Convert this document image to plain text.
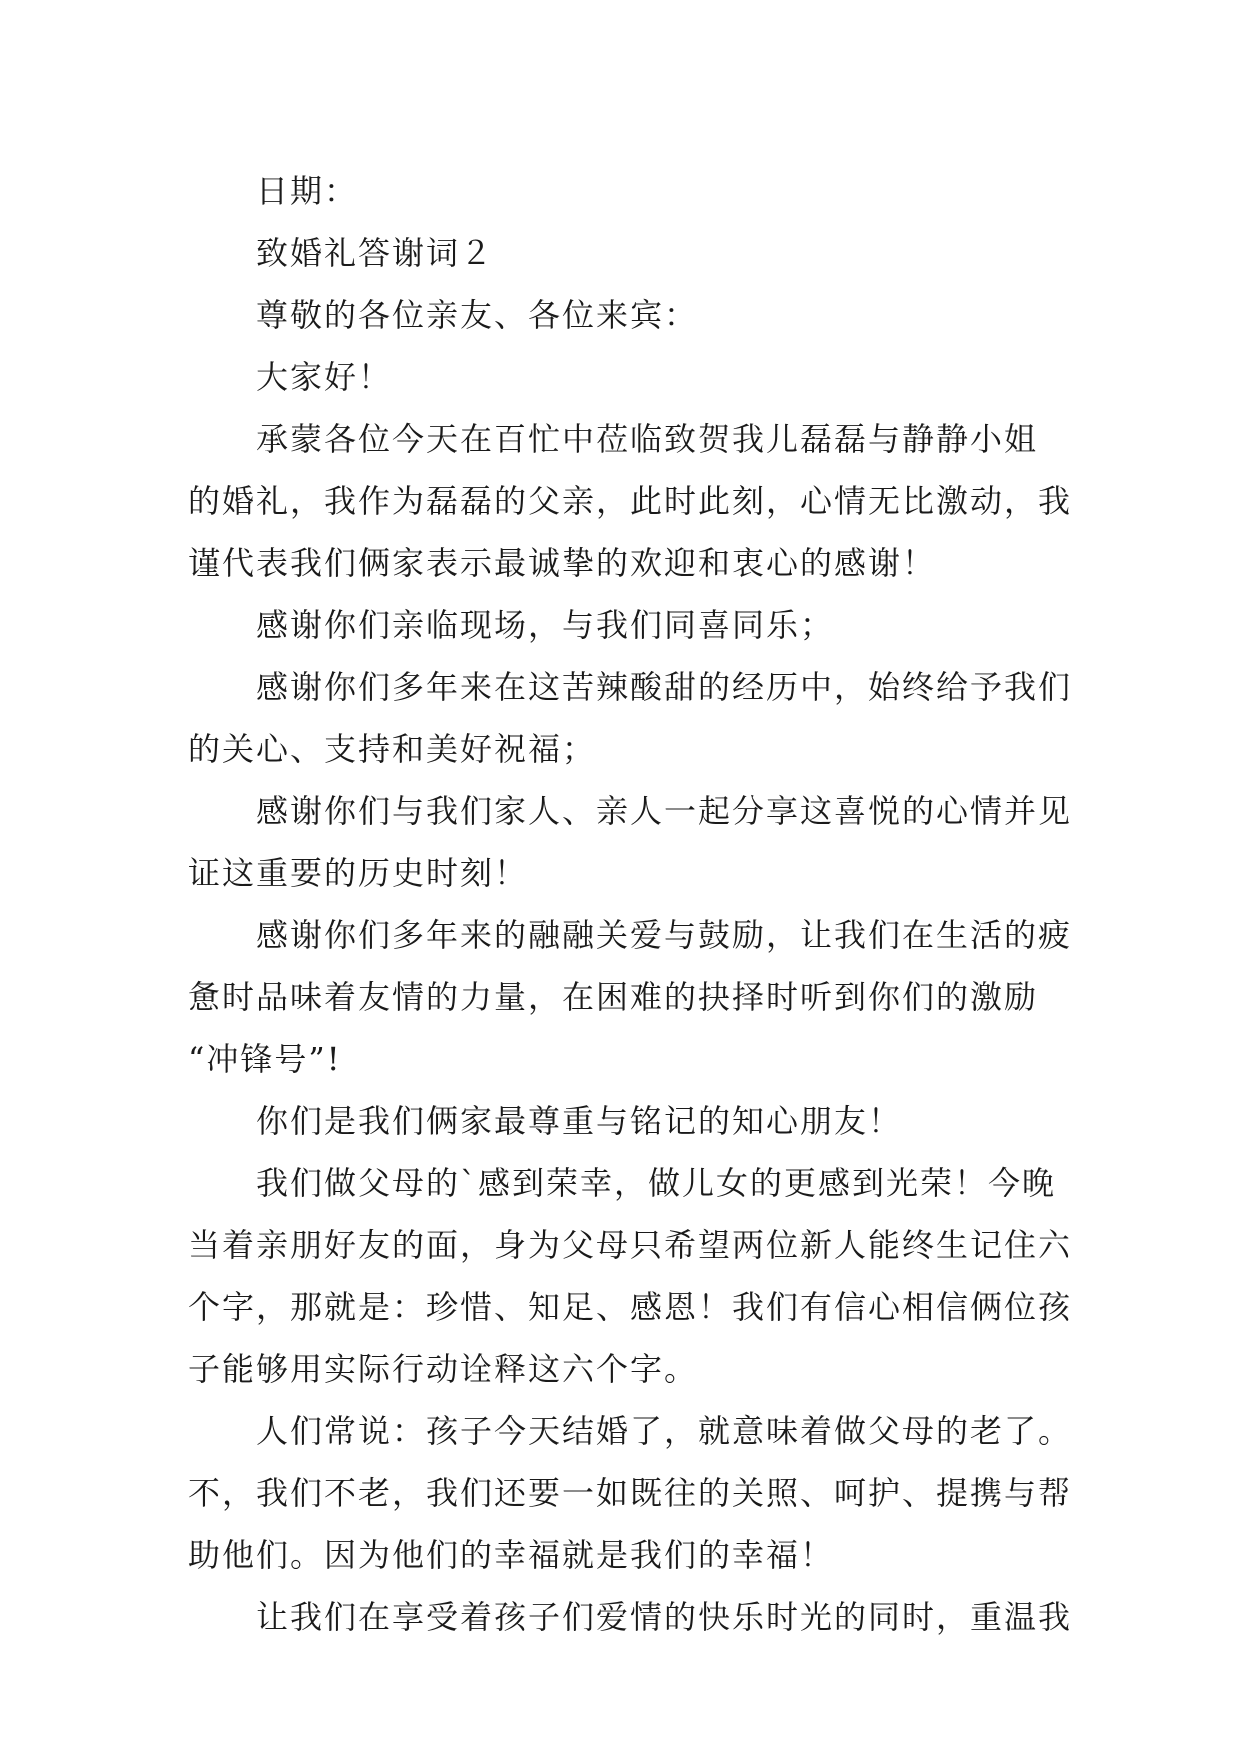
日期：
致婚礼答谢词２
尊敬的各位亲友、各位来宾：
大家好！
承蒙各位今天在百忙中莅临致贺我儿磊磊与静静小姐
的婚礼，我作为磊磊的父亲，此时此刻，心情无比激动，我
谨代表我们俩家表示最诚挚的欢迎和衷心的感谢！
感谢你们亲临现场，与我们同喜同乐；
感谢你们多年来在这苦辣酸甜的经历中，始终给予我们
的关心、支持和美好祝福；
感谢你们与我们家人、亲人一起分享这喜悦的心情并见
证这重要的历史时刻！
感谢你们多年来的融融关爱与鼓励，让我们在生活的疲
惫时品味着友情的力量，在困难的抉择时听到你们的激励
“冲锋号”!
你们是我们俩家最尊重与铭记的知心朋友！
我们做父母的`感到荣幸，做儿女的更感到光荣！今晚
当着亲朋好友的面，身为父母只希望两位新人能终生记住六
个字，那就是：珍惜、知足、感恩！我们有信心相信俩位孩
子能够用实际行动诠释这六个字。
人们常说：孩子今天结婚了，就意味着做父母的老了。
不，我们不老，我们还要一如既往的关照、呵护、提携与帮
助他们。因为他们的幸福就是我们的幸福！
让我们在享受着孩子们爱情的快乐时光的同时，重温我
